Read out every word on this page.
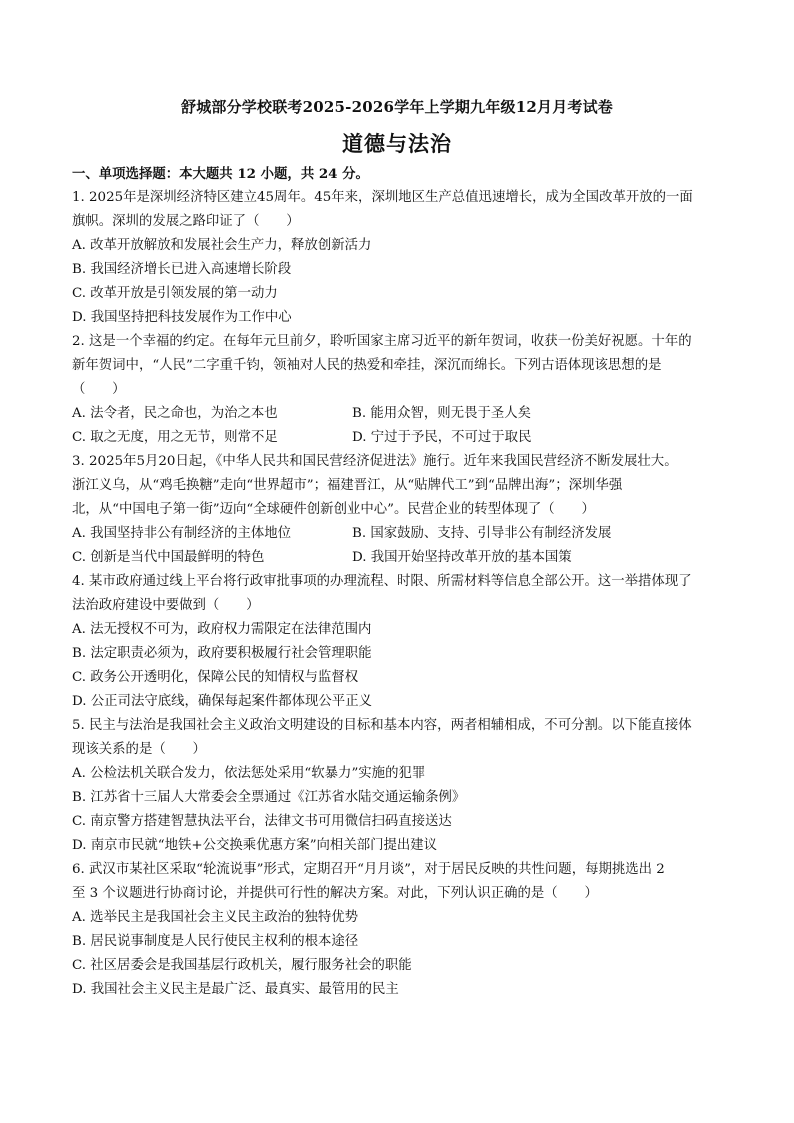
舒城部分学校联考2025-2026学年上学期九年级12月月考试卷
道德与法治
一、单项选择题：本大题共 12 小题，共 24 分。
1. 2025年是深圳经济特区建立45周年。45年来，深圳地区生产总值迅速增长，成为全国改革开放的一面
旗帜。深圳的发展之路印证了（　　）
A. 改革开放解放和发展社会生产力，释放创新活力
B. 我国经济增长已进入高速增长阶段
C. 改革开放是引领发展的第一动力
D. 我国坚持把科技发展作为工作中心
2. 这是一个幸福的约定。在每年元旦前夕，聆听国家主席习近平的新年贺词，收获一份美好祝愿。十年的
新年贺词中，“人民”二字重千钧，领袖对人民的热爱和牵挂，深沉而绵长。下列古语体现该思想的是
（　　）
A. 法令者，民之命也，为治之本也	B. 能用众智，则无畏于圣人矣
C. 取之无度，用之无节，则常不足	D. 宁过于予民，不可过于取民
3. 2025年5月20日起，《中华人民共和国民营经济促进法》施行。近年来我国民营经济不断发展壮大。
浙江义乌，从“鸡毛换糖”走向“世界超市”；福建晋江，从“贴牌代工”到“品牌出海”；深圳华强
北，从“中国电子第一街”迈向“全球硬件创新创业中心”。民营企业的转型体现了（　　）
A. 我国坚持非公有制经济的主体地位	B. 国家鼓励、支持、引导非公有制经济发展
C. 创新是当代中国最鲜明的特色	D. 我国开始坚持改革开放的基本国策
4. 某市政府通过线上平台将行政审批事项的办理流程、时限、所需材料等信息全部公开。这一举措体现了
法治政府建设中要做到（　　）
A. 法无授权不可为，政府权力需限定在法律范围内
B. 法定职责必须为，政府要积极履行社会管理职能
C. 政务公开透明化，保障公民的知情权与监督权
D. 公正司法守底线，确保每起案件都体现公平正义
5. 民主与法治是我国社会主义政治文明建设的目标和基本内容，两者相辅相成，不可分割。以下能直接体
现该关系的是（　　）
A. 公检法机关联合发力，依法惩处采用“软暴力”实施的犯罪
B. 江苏省十三届人大常委会全票通过《江苏省水陆交通运输条例》
C. 南京警方搭建智慧执法平台，法律文书可用微信扫码直接送达
D. 南京市民就“地铁+公交换乘优惠方案”向相关部门提出建议
6. 武汉市某社区采取“轮流说事”形式，定期召开“月月谈”，对于居民反映的共性问题，每期挑选出 2
至 3 个议题进行协商讨论，并提供可行性的解决方案。对此，下列认识正确的是（　　）
A. 选举民主是我国社会主义民主政治的独特优势
B. 居民说事制度是人民行使民主权利的根本途径
C. 社区居委会是我国基层行政机关，履行服务社会的职能
D. 我国社会主义民主是最广泛、最真实、最管用的民主
